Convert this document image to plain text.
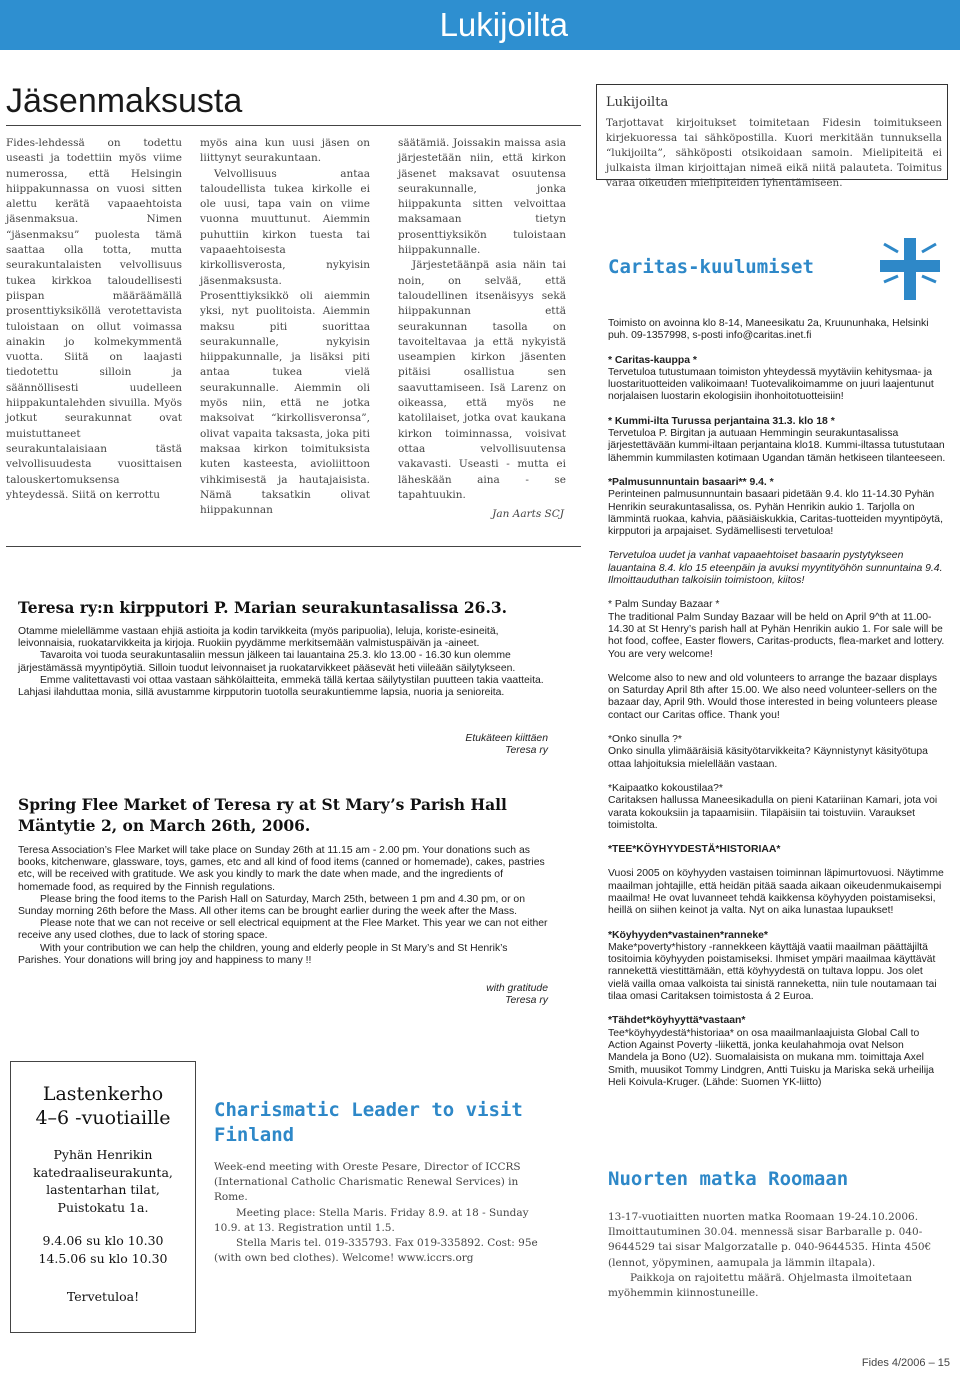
Lukijoilta
Jäsenmaksusta

Fides-lehdessä on todettu useasti ja todettiin myös viime numerossa, että Helsingin hiippakunnassa on vuosi sitten alettu kerätä vapaaehtoista jäsenmaksua. Nimen “jäsenmaksu” puolesta tämä saattaa olla totta, mutta seurakuntalaisten velvollisuus tukea kirkkoa taloudellisesti piispan määräämällä prosenttiyksiköllä verotettavista tuloistaan on ollut voimassa ainakin jo kolmekymmentä vuotta. Siitä on laajasti tiedotettu silloin ja säännöllisesti uudelleen hiippakuntalehden sivuilla. Myös jotkut seurakunnat ovat muistuttaneet seurakuntalaisiaan tästä velvollisuudesta vuosittaisen talouskertomuksensa yhteydessä. Siitä on kerrottu

myös aina kun uusi jäsen on liittynyt seurakuntaan.

Velvollisuus antaa taloudellista tukea kirkolle ei ole uusi, tapa vain on viime vuonna muuttunut. Aiemmin puhuttiin kirkon tuesta tai vapaaehtoisesta kirkollisverosta, nykyisin jäsenmaksusta. Prosenttiyksikkö oli aiemmin yksi, nyt puolitoista. Aiemmin maksu piti suorittaa seurakunnalle, nykyisin hiippakunnalle, ja lisäksi piti antaa tukea vielä seurakunnalle. Aiemmin oli myös niin, että ne jotka maksoivat “kirkollisveronsa”, olivat vapaita taksasta, joka piti maksaa kirkon toimituksista kuten kasteesta, avioliittoon vihkimisestä ja hautajaisista. Nämä taksatkin olivat hiippakunnan

säätämiä. Joissakin maissa asia järjestetään niin, että kirkon jäsenet maksavat osuutensa seurakunnalle, jonka hiippakunta sitten velvoittaa maksamaan tietyn prosenttiyksikön tuloistaan hiippakunnalle.

Järjestetäänpä asia näin tai noin, on selvää, että taloudellinen itsenäisyys sekä hiippakunnan että seurakunnan tasolla on tavoiteltavaa ja että nykyistä useampien kirkon jäsenten pitäisi osallistua sen saavuttamiseen. Isä Larenz on oikeassa, että myös ne katolilaiset, jotka ovat kaukana kirkon toiminnassa, voisivat ottaa velvollisuutensa vakavasti. Useasti - mutta ei läheskään aina - se tapahtuukin.

Jan Aarts SCJ
Teresa ry:n kirpputori P. Marian seurakuntasalissa 26.3.

Otamme mielellämme vastaan ehjiä astioita ja kodin tarvikkeita (myös paripuolia), leluja, koriste-esineitä, leivonnaisia, ruokatarvikkeita ja kirjoja. Ruokiin pyydämme merkitsemään valmistuspäivän ja -aineet.

Tavaroita voi tuoda seurakuntasaliin messun jälkeen tai lauantaina 25.3. klo 13.00 - 16.30 kun olemme järjestämässä myyntipöytiä. Silloin tuodut leivonnaiset ja ruokatarvikkeet pääsevät heti viileään säilytykseen.

Emme valitettavasti voi ottaa vastaan sähkölaitteita, emmekä tällä kertaa säilytystilan puutteen takia vaatteita. Lahjasi ilahduttaa monia, sillä avustamme kirpputorin tuotolla seurakuntiemme lapsia, nuoria ja senioreita.

Etukäteen kiittäen
Teresa ry
Spring Flee Market of Teresa ry at St Mary’s Parish Hall
Mäntytie 2, on March 26th, 2006.

Teresa Association’s Flee Market will take place on Sunday 26th at 11.15 am - 2.00 pm. Your donations such as books, kitchenware, glassware, toys, games, etc and all kind of food items (canned or homemade), cakes, pastries etc, will be received with gratitude. We ask you kindly to mark the date when made, and the ingredients of homemade food, as required by the Finnish regulations.

Please bring the food items to the Parish Hall on Saturday, March 25th, between 1 pm and 4.30 pm, or on Sunday morning 26th before the Mass. All other items can be brought earlier during the week after the Mass.

Please note that we can not receive or sell electrical equipment at the Flee Market. This year we can not either receive any used clothes, due to lack of storing space.

With your contribution we can help the children, young and elderly people in St Mary’s and St Henrik’s Parishes. Your donations will bring joy and happiness to many !!

with gratitude
Teresa ry
Lastenkerho
4–6 -vuotiaille
Pyhän Henrikin
katedraaliseurakunta,
lastentarhan tilat,
Puistokatu 1a.
9.4.06 su klo 10.30
14.5.06 su klo 10.30
Tervetuloa!
Charismatic Leader to visit
Finland

Week-end meeting with Oreste Pesare, Director of ICCRS (International Catholic Charismatic Renewal Services) in Rome.

Meeting place: Stella Maris. Friday 8.9. at 18 - Sunday 10.9. at 13. Registration until 1.5.

Stella Maris tel. 019-335793. Fax 019-335892. Cost: 95e (with own bed clothes). Welcome! www.iccrs.org

Lukijoilta
Tarjottavat kirjoitukset toimitetaan Fidesin toimitukseen kirjekuoressa tai sähköpostilla. Kuori merkitään tunnuksella “lukijoilta”, sähköposti otsikoidaan samoin. Mielipiteitä ei julkaista ilman kirjoittajan nimeä eikä niitä palauteta. Toimitus varaa oikeuden mielipiteiden lyhentämiseen.
Caritas-kuulumiset

Toimisto on avoinna klo 8-14, Maneesikatu 2a, Kruununhaka, Helsinki puh. 09-1357998, s-posti info@caritas.inet.fi

* Caritas-kauppa *
Tervetuloa tutustumaan toimiston yhteydessä myytäviin kehitysmaa- ja luostarituotteiden valikoimaan! Tuotevalikoimamme on juuri laajentunut norjalaisen luostarin ekologisiin ihonhoitotuotteisiin!

* Kummi-ilta Turussa perjantaina 31.3. klo 18 *
Tervetuloa P. Birgitan ja autuaan Hemmingin seurakuntasalissa järjestettävään kummi-iltaan perjantaina klo18. Kummi-iltassa tutustutaan lähemmin kummilasten kotimaan Ugandan tämän hetkiseen tilanteeseen.

*Palmusunnuntain basaari** 9.4. *
Perinteinen palmusunnuntain basaari pidetään 9.4. klo 11-14.30 Pyhän Henrikin seurakuntasalissa, os. Pyhän Henrikin aukio 1. Tarjolla on lämmintä ruokaa, kahvia, pääsiäiskukkia, Caritas-tuotteiden myyntipöytä, kirpputori ja arpajaiset. Sydämellisesti tervetuloa!

Tervetuloa uudet ja vanhat vapaaehtoiset basaarin pystytykseen lauantaina 8.4. klo 15 eteenpäin ja avuksi myyntityöhön sunnuntaina 9.4. Ilmoittauduthan talkoisiin toimistoon, kiitos!

* Palm Sunday Bazaar *
The traditional Palm Sunday Bazaar will be held on April 9^th at 11.00- 14.30 at St Henry’s parish hall at Pyhän Henrikin aukio 1. For sale will be hot food, coffee, Easter flowers, Caritas-products, flea-market and lottery. You are very welcome!

Welcome also to new and old volunteers to arrange the bazaar displays on Saturday April 8th after 15.00. We also need volunteer-sellers on the bazaar day, April 9th. Would those interested in being volunteers please contact our Caritas office. Thank you!

*Onko sinulla ?*
Onko sinulla ylimääräisiä käsityötarvikkeita? Käynnistynyt käsityötupa ottaa lahjoituksia mielellään vastaan.

*Kaipaatko kokoustilaa?*
Caritaksen hallussa Maneesikadulla on pieni Katariinan Kamari, jota voi varata kokouksiin ja tapaamisiin. Tilapäisiin tai toistuviin. Varaukset toimistolta.

*TEE*KÖYHYYDESTÄ*HISTORIAA*

Vuosi 2005 on köyhyyden vastaisen toiminnan läpimurtovuosi. Näytimme maailman johtajille, että heidän pitää saada aikaan oikeudenmukaisempi maailma! He ovat luvanneet tehdä kaikkensa köyhyyden poistamiseksi, heillä on siihen keinot ja valta. Nyt on aika lunastaa lupaukset!

*Köyhyyden*vastainen*ranneke*
Make*poverty*history -rannekkeen käyttäjä vaatii maailman päättäjiltä tositoimia köyhyyden poistamiseksi. Ihmiset ympäri maailmaa käyttävät rannekettä viestittämään, että köyhyydestä on tultava loppu. Jos olet vielä vailla omaa valkoista tai sinistä ranneketta, niin tule noutamaan tai tilaa omasi Caritaksen toimistosta á 2 Euroa.

*Tähdet*köyhyyttä*vastaan*
Tee*köyhyydestä*historiaa* on osa maailmanlaajuista Global Call to Action Against Poverty -liikettä, jonka keulahahmoja ovat Nelson Mandela ja Bono (U2). Suomalaisista on mukana mm. toimittaja Axel Smith, muusikot Tommy Lindgren, Antti Tuisku ja Mariska sekä urheilija Heli Koivula-Kruger. (Lähde: Suomen YK-liitto)

Nuorten matka Roomaan

13-17-vuotiaitten nuorten matka Roomaan 19-24.10.2006. Ilmoittautuminen 30.04. mennessä sisar Barbaralle p. 040-9644529 tai sisar Malgorzatalle p. 040-9644535. Hinta 450€ (lennot, yöpyminen, aamupala ja lämmin iltapala).

Paikkoja on rajoitettu määrä. Ohjelmasta ilmoitetaan myöhemmin kiinnostuneille.

Fides 4/2006 – 15
